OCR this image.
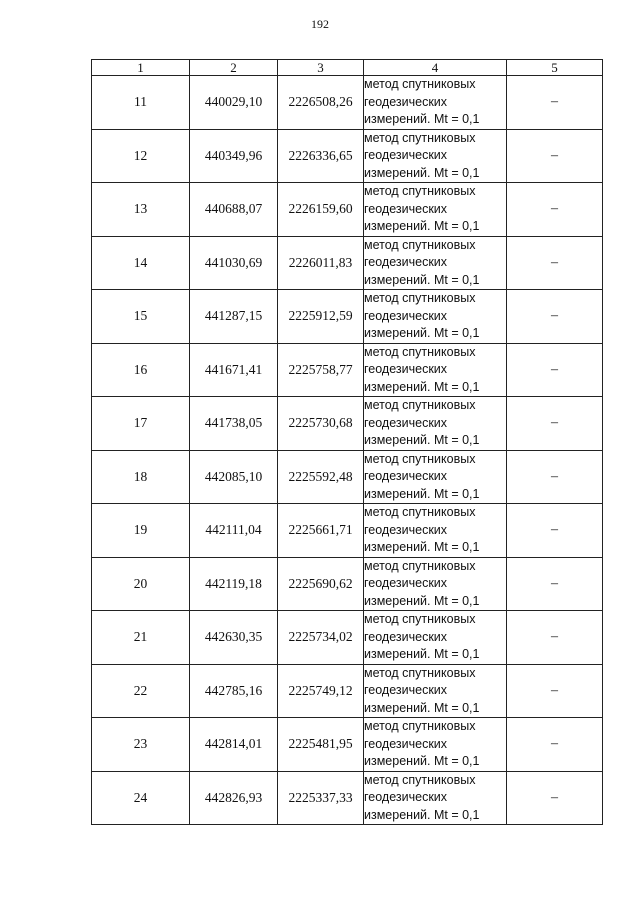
192
1	2	3	4	5
11	440029,10	2226508,26	метод спутниковых
геодезических
измерений. Mt = 0,1	–
12	440349,96	2226336,65	метод спутниковых
геодезических
измерений. Mt = 0,1	–
13	440688,07	2226159,60	метод спутниковых
геодезических
измерений. Mt = 0,1	–
14	441030,69	2226011,83	метод спутниковых
геодезических
измерений. Mt = 0,1	–
15	441287,15	2225912,59	метод спутниковых
геодезических
измерений. Mt = 0,1	–
16	441671,41	2225758,77	метод спутниковых
геодезических
измерений. Mt = 0,1	–
17	441738,05	2225730,68	метод спутниковых
геодезических
измерений. Mt = 0,1	–
18	442085,10	2225592,48	метод спутниковых
геодезических
измерений. Mt = 0,1	–
19	442111,04	2225661,71	метод спутниковых
геодезических
измерений. Mt = 0,1	–
20	442119,18	2225690,62	метод спутниковых
геодезических
измерений. Mt = 0,1	–
21	442630,35	2225734,02	метод спутниковых
геодезических
измерений. Mt = 0,1	–
22	442785,16	2225749,12	метод спутниковых
геодезических
измерений. Mt = 0,1	–
23	442814,01	2225481,95	метод спутниковых
геодезических
измерений. Mt = 0,1	–
24	442826,93	2225337,33	метод спутниковых
геодезических
измерений. Mt = 0,1	–
